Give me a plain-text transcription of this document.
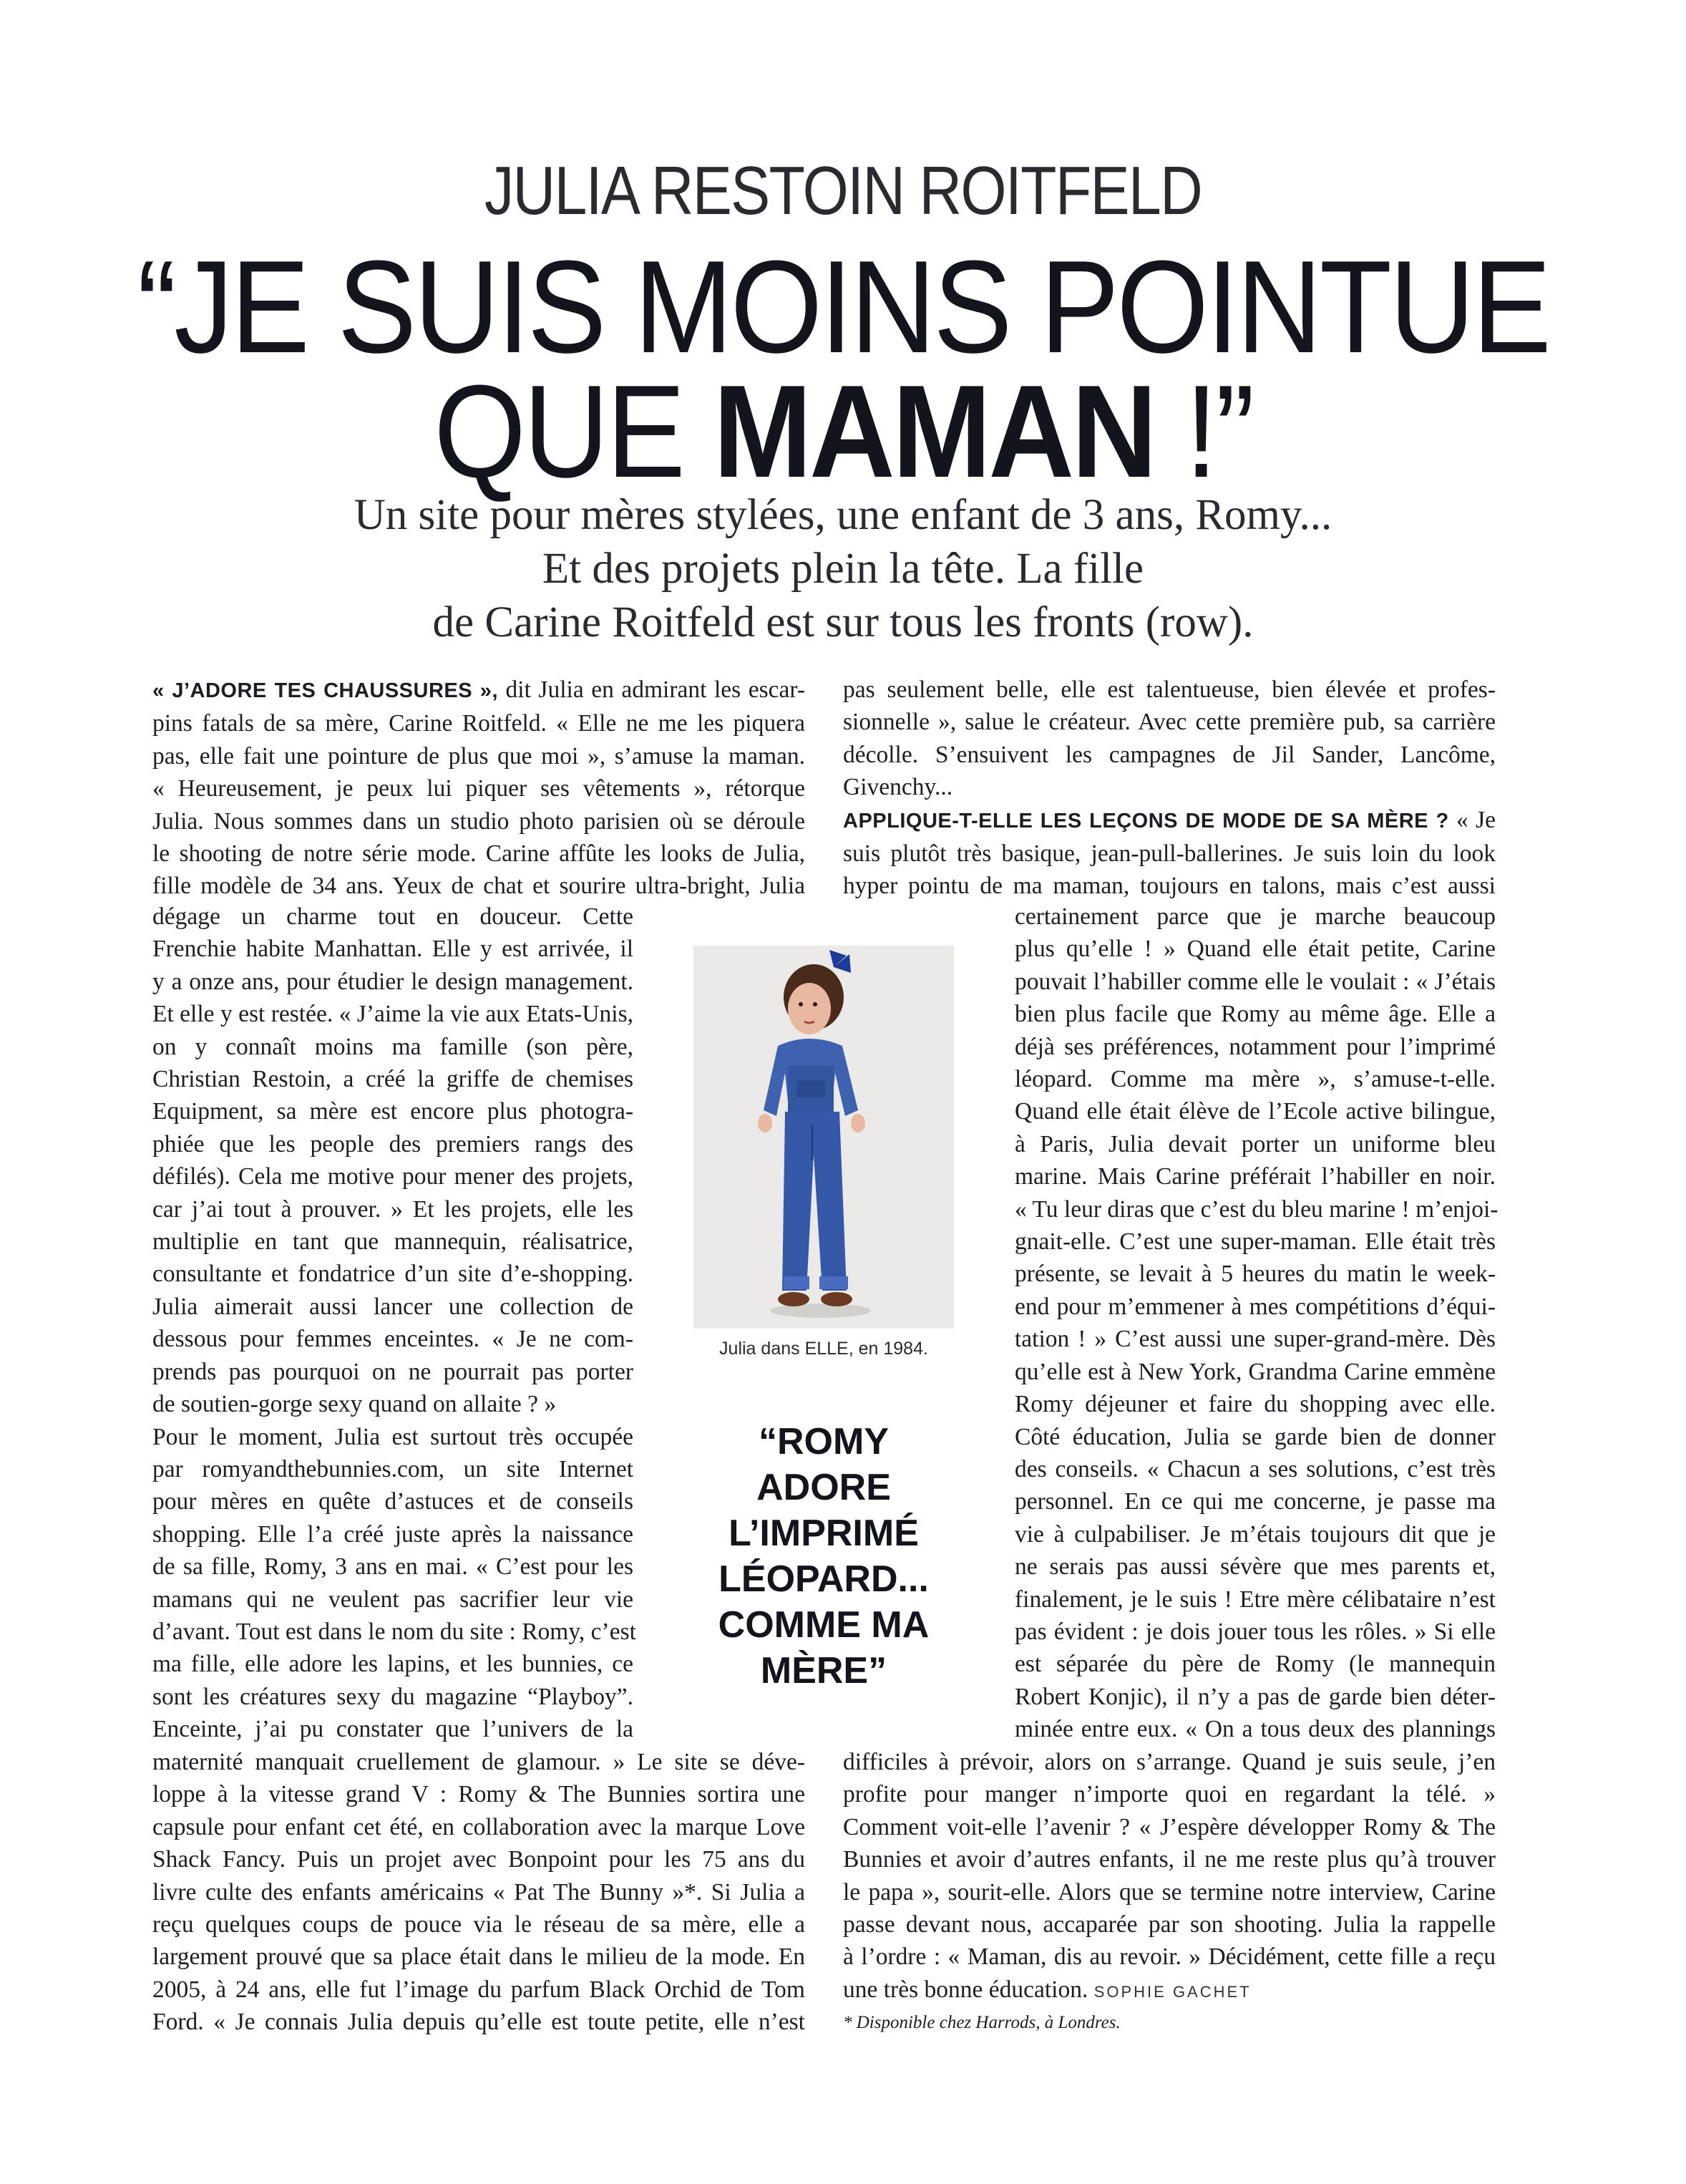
JULIA RESTOIN ROITFELD
“JE SUIS MOINS POINTUE
QUE MAMAN !”
Un site pour mères stylées, une enfant de 3 ans, Romy...
Et des projets plein la tête. La fille
de Carine Roitfeld est sur tous les fronts (row).
« J’ADORE TES CHAUSSURES », dit Julia en admirant les escar-
pins fatals de sa mère, Carine Roitfeld. « Elle ne me les piquera
pas, elle fait une pointure de plus que moi », s’amuse la maman.
« Heureusement, je peux lui piquer ses vêtements », rétorque
Julia. Nous sommes dans un studio photo parisien où se déroule
le shooting de notre série mode. Carine affûte les looks de Julia,
fille modèle de 34 ans. Yeux de chat et sourire ultra-bright, Julia
dégage un charme tout en douceur. Cette
Frenchie habite Manhattan. Elle y est arrivée, il
y a onze ans, pour étudier le design management.
Et elle y est restée. « J’aime la vie aux Etats-Unis,
on y connaît moins ma famille (son père,
Christian Restoin, a créé la griffe de chemises
Equipment, sa mère est encore plus photogra-
phiée que les people des premiers rangs des
défilés). Cela me motive pour mener des projets,
car j’ai tout à prouver. » Et les projets, elle les
multiplie en tant que mannequin, réalisatrice,
consultante et fondatrice d’un site d’e-shopping.
Julia aimerait aussi lancer une collection de
dessous pour femmes enceintes. « Je ne com-
prends pas pourquoi on ne pourrait pas porter
de soutien-gorge sexy quand on allaite ? »
Pour le moment, Julia est surtout très occupée
par romyandthebunnies.com, un site Internet
pour mères en quête d’astuces et de conseils
shopping. Elle l’a créé juste après la naissance
de sa fille, Romy, 3 ans en mai. « C’est pour les
mamans qui ne veulent pas sacrifier leur vie
d’avant. Tout est dans le nom du site : Romy, c’est
ma fille, elle adore les lapins, et les bunnies, ce
sont les créatures sexy du magazine “Playboy”.
Enceinte, j’ai pu constater que l’univers de la
maternité manquait cruellement de glamour. » Le site se déve-
loppe à la vitesse grand V : Romy & The Bunnies sortira une
capsule pour enfant cet été, en collaboration avec la marque Love
Shack Fancy. Puis un projet avec Bonpoint pour les 75 ans du
livre culte des enfants américains « Pat The Bunny »*. Si Julia a
reçu quelques coups de pouce via le réseau de sa mère, elle a
largement prouvé que sa place était dans le milieu de la mode. En
2005, à 24 ans, elle fut l’image du parfum Black Orchid de Tom
Ford. « Je connais Julia depuis qu’elle est toute petite, elle n’est
pas seulement belle, elle est talentueuse, bien élevée et profes-
sionnelle », salue le créateur. Avec cette première pub, sa carrière
décolle. S’ensuivent les campagnes de Jil Sander, Lancôme,
Givenchy...
APPLIQUE-T-ELLE LES LEÇONS DE MODE DE SA MÈRE ? « Je
suis plutôt très basique, jean-pull-ballerines. Je suis loin du look
hyper pointu de ma maman, toujours en talons, mais c’est aussi
certainement parce que je marche beaucoup
plus qu’elle ! » Quand elle était petite, Carine
pouvait l’habiller comme elle le voulait : « J’étais
bien plus facile que Romy au même âge. Elle a
déjà ses préférences, notamment pour l’imprimé
léopard. Comme ma mère », s’amuse-t-elle.
Quand elle était élève de l’Ecole active bilingue,
à Paris, Julia devait porter un uniforme bleu
marine. Mais Carine préférait l’habiller en noir.
« Tu leur diras que c’est du bleu marine ! m’enjoi-
gnait-elle. C’est une super-maman. Elle était très
présente, se levait à 5 heures du matin le week-
end pour m’emmener à mes compétitions d’équi-
tation ! » C’est aussi une super-grand-mère. Dès
qu’elle est à New York, Grandma Carine emmène
Romy déjeuner et faire du shopping avec elle.
Côté éducation, Julia se garde bien de donner
des conseils. « Chacun a ses solutions, c’est très
personnel. En ce qui me concerne, je passe ma
vie à culpabiliser. Je m’étais toujours dit que je
ne serais pas aussi sévère que mes parents et,
finalement, je le suis ! Etre mère célibataire n’est
pas évident : je dois jouer tous les rôles. » Si elle
est séparée du père de Romy (le mannequin
Robert Konjic), il n’y a pas de garde bien déter-
minée entre eux. « On a tous deux des plannings
difficiles à prévoir, alors on s’arrange. Quand je suis seule, j’en
profite pour manger n’importe quoi en regardant la télé. »
Comment voit-elle l’avenir ? « J’espère développer Romy & The
Bunnies et avoir d’autres enfants, il ne me reste plus qu’à trouver
le papa », sourit-elle. Alors que se termine notre interview, Carine
passe devant nous, accaparée par son shooting. Julia la rappelle
à l’ordre : « Maman, dis au revoir. » Décidément, cette fille a reçu
une très bonne éducation. SOPHIE GACHET
Julia dans ELLE, en 1984.
“ROMY
ADORE
L’IMPRIMÉ
LÉOPARD...
COMME MA
MÈRE”
* Disponible chez Harrods, à Londres.
